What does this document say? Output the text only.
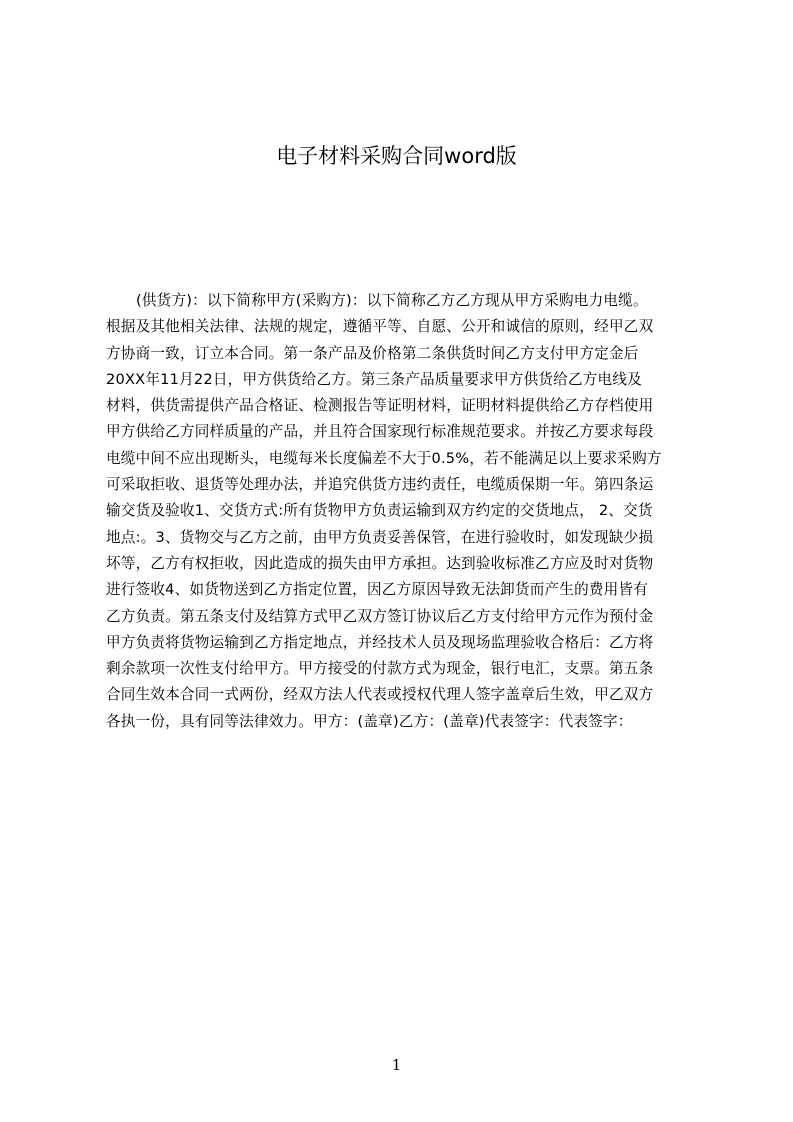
电子材料采购合同word版
(供货方)：以下简称甲方(采购方)：以下简称乙方乙方现从甲方采购电力电缆。
根据及其他相关法律、法规的规定，遵循平等、自愿、公开和诚信的原则，经甲乙双
方协商一致，订立本合同。第一条产品及价格第二条供货时间乙方支付甲方定金后
20XX年11月22日，甲方供货给乙方。第三条产品质量要求甲方供货给乙方电线及
材料，供货需提供产品合格证、检测报告等证明材料，证明材料提供给乙方存档使用
甲方供给乙方同样质量的产品，并且符合国家现行标准规范要求。并按乙方要求每段
电缆中间不应出现断头，电缆每米长度偏差不大于0.5%，若不能满足以上要求采购方
可采取拒收、退货等处理办法，并追究供货方违约责任，电缆质保期一年。第四条运
输交货及验收1、交货方式:所有货物甲方负责运输到双方约定的交货地点， 2、交货
地点:。3、货物交与乙方之前，由甲方负责妥善保管，在进行验收时，如发现缺少损
坏等，乙方有权拒收，因此造成的损失由甲方承担。达到验收标准乙方应及时对货物
进行签收4、如货物送到乙方指定位置，因乙方原因导致无法卸货而产生的费用皆有
乙方负责。第五条支付及结算方式甲乙双方签订协议后乙方支付给甲方元作为预付金
甲方负责将货物运输到乙方指定地点，并经技术人员及现场监理验收合格后：乙方将
剩余款项一次性支付给甲方。甲方接受的付款方式为现金，银行电汇，支票。第五条
合同生效本合同一式两份，经双方法人代表或授权代理人签字盖章后生效，甲乙双方
各执一份，具有同等法律效力。甲方：(盖章)乙方：(盖章)代表签字：代表签字：
1
